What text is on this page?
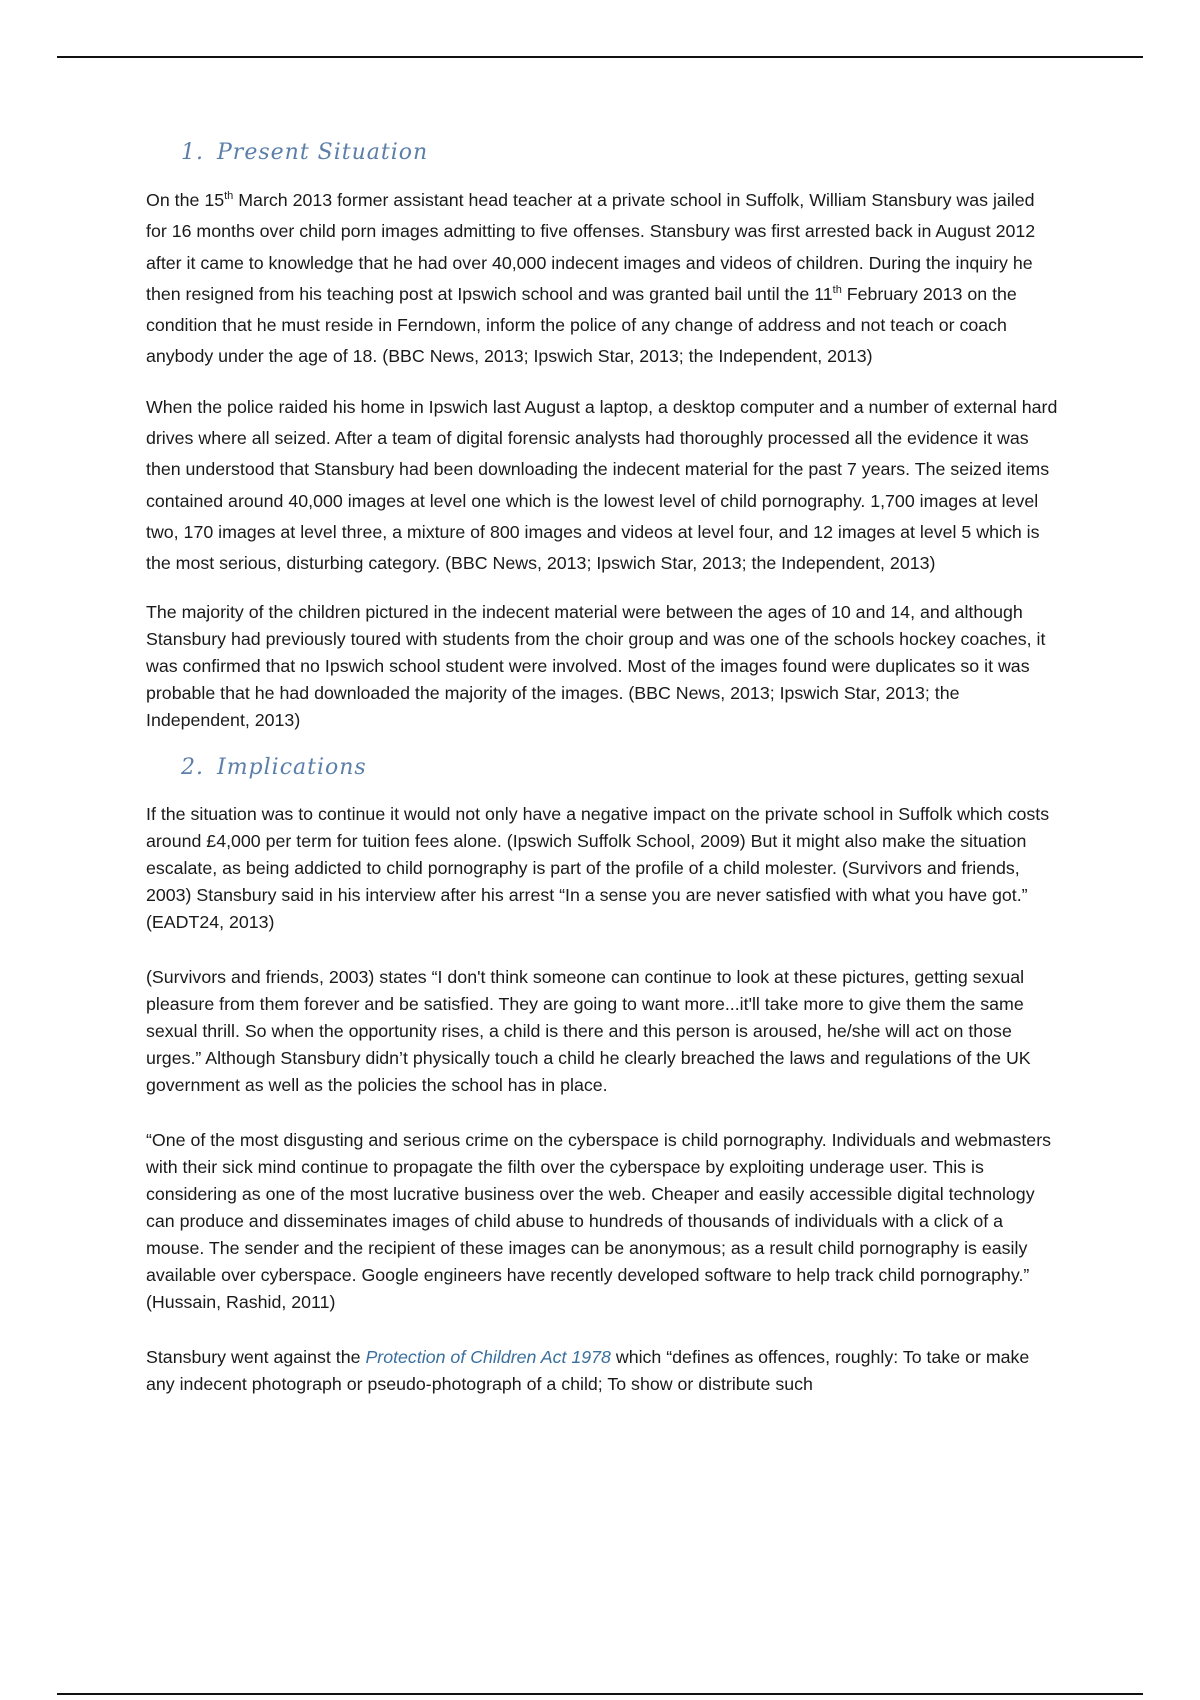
1. Present Situation

On the 15th March 2013 former assistant head teacher at a private school in Suffolk, William Stansbury was jailed for 16 months over child porn images admitting to five offenses. Stansbury was first arrested back in August 2012 after it came to knowledge that he had over 40,000 indecent images and videos of children. During the inquiry he then resigned from his teaching post at Ipswich school and was granted bail until the 11th February 2013 on the condition that he must reside in Ferndown, inform the police of any change of address and not teach or coach anybody under the age of 18. (BBC News, 2013; Ipswich Star, 2013; the Independent, 2013)

When the police raided his home in Ipswich last August a laptop, a desktop computer and a number of external hard drives where all seized. After a team of digital forensic analysts had thoroughly processed all the evidence it was then understood that Stansbury had been downloading the indecent material for the past 7 years. The seized items contained around 40,000 images at level one which is the lowest level of child pornography. 1,700 images at level two, 170 images at level three, a mixture of 800 images and videos at level four, and 12 images at level 5 which is the most serious, disturbing category. (BBC News, 2013; Ipswich Star, 2013; the Independent, 2013)

The majority of the children pictured in the indecent material were between the ages of 10 and 14, and although Stansbury had previously toured with students from the choir group and was one of the schools hockey coaches, it was confirmed that no Ipswich school student were involved. Most of the images found were duplicates so it was probable that he had downloaded the majority of the images. (BBC News, 2013; Ipswich Star, 2013; the Independent, 2013)

2. Implications

If the situation was to continue it would not only have a negative impact on the private school in Suffolk which costs around £4,000 per term for tuition fees alone. (Ipswich Suffolk School, 2009) But it might also make the situation escalate, as being addicted to child pornography is part of the profile of a child molester. (Survivors and friends, 2003) Stansbury said in his interview after his arrest “In a sense you are never satisfied with what you have got.” (EADT24, 2013)

(Survivors and friends, 2003) states “I don't think someone can continue to look at these pictures, getting sexual pleasure from them forever and be satisfied. They are going to want more...it'll take more to give them the same sexual thrill. So when the opportunity rises, a child is there and this person is aroused, he/she will act on those urges.” Although Stansbury didn’t physically touch a child he clearly breached the laws and regulations of the UK government as well as the policies the school has in place.

“One of the most disgusting and serious crime on the cyberspace is child pornography. Individuals and webmasters with their sick mind continue to propagate the filth over the cyberspace by exploiting underage user. This is considering as one of the most lucrative business over the web. Cheaper and easily accessible digital technology can produce and disseminates images of child abuse to hundreds of thousands of individuals with a click of a mouse. The sender and the recipient of these images can be anonymous; as a result child pornography is easily available over cyberspace. Google engineers have recently developed software to help track child pornography.” (Hussain, Rashid, 2011)

Stansbury went against the Protection of Children Act 1978 which “defines as offences, roughly: To take or make any indecent photograph or pseudo-photograph of a child; To show or distribute such
